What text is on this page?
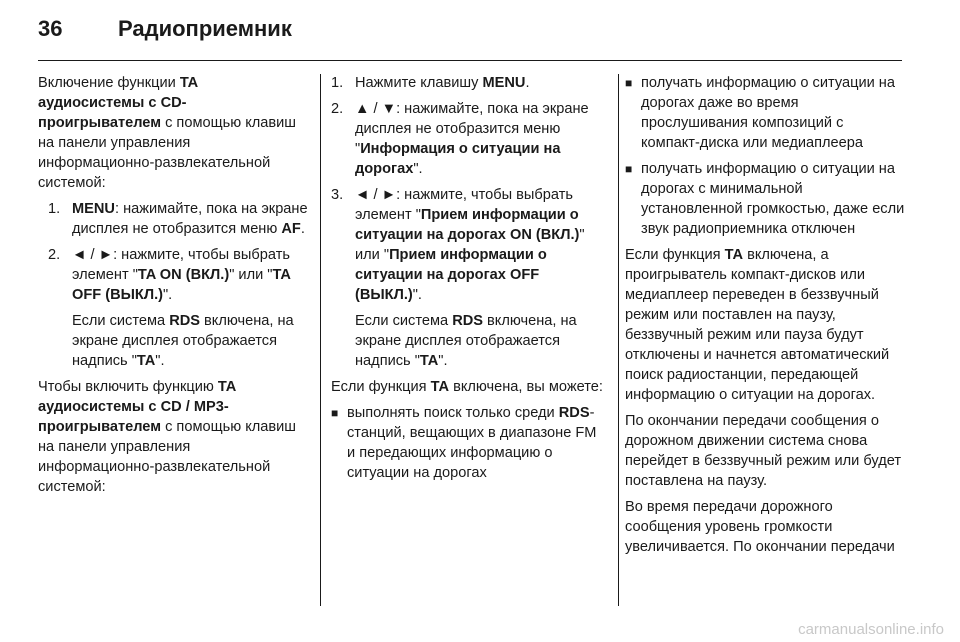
36	Радиоприемник

Включение функции TA аудиосистемы с CD-проигрывателем с помощью клавиш на панели управления информационно-развлекательной системой:

1. MENU: нажимайте, пока на экране дисплея не отобразится меню AF.
2. ◄ / ►: нажмите, чтобы выбрать элемент "TA ON (ВКЛ.)" или "TA OFF (ВЫКЛ.)".
Если система RDS включена, на экране дисплея отображается надпись "TA".

Чтобы включить функцию TA аудиосистемы с CD / MP3-проигрывателем с помощью клавиш на панели управления информационно-развлекательной системой:

1. Нажмите клавишу MENU.
2. ▲ / ▼: нажимайте, пока на экране дисплея не отобразится меню "Информация о ситуации на дорогах".
3. ◄ / ►: нажмите, чтобы выбрать элемент "Прием информации о ситуации на дорогах ON (ВКЛ.)" или "Прием информации о ситуации на дорогах OFF (ВЫКЛ.)".
Если система RDS включена, на экране дисплея отображается надпись "TA".

Если функция TA включена, вы можете:

■ выполнять поиск только среди RDS-станций, вещающих в диапазоне FM и передающих информацию о ситуации на дорогах
■ получать информацию о ситуации на дорогах даже во время прослушивания композиций с компакт-диска или медиаплеера
■ получать информацию о ситуации на дорогах с минимальной установленной громкостью, даже если звук радиоприемника отключен

Если функция TA включена, а проигрыватель компакт-дисков или медиаплеер переведен в беззвучный режим или поставлен на паузу, беззвучный режим или пауза будут отключены и начнется автоматический поиск радиостанции, передающей информацию о ситуации на дорогах.

По окончании передачи сообщения о дорожном движении система снова перейдет в беззвучный режим или будет поставлена на паузу.

Во время передачи дорожного сообщения уровень громкости увеличивается. По окончании передачи

carmanualsonline.info
